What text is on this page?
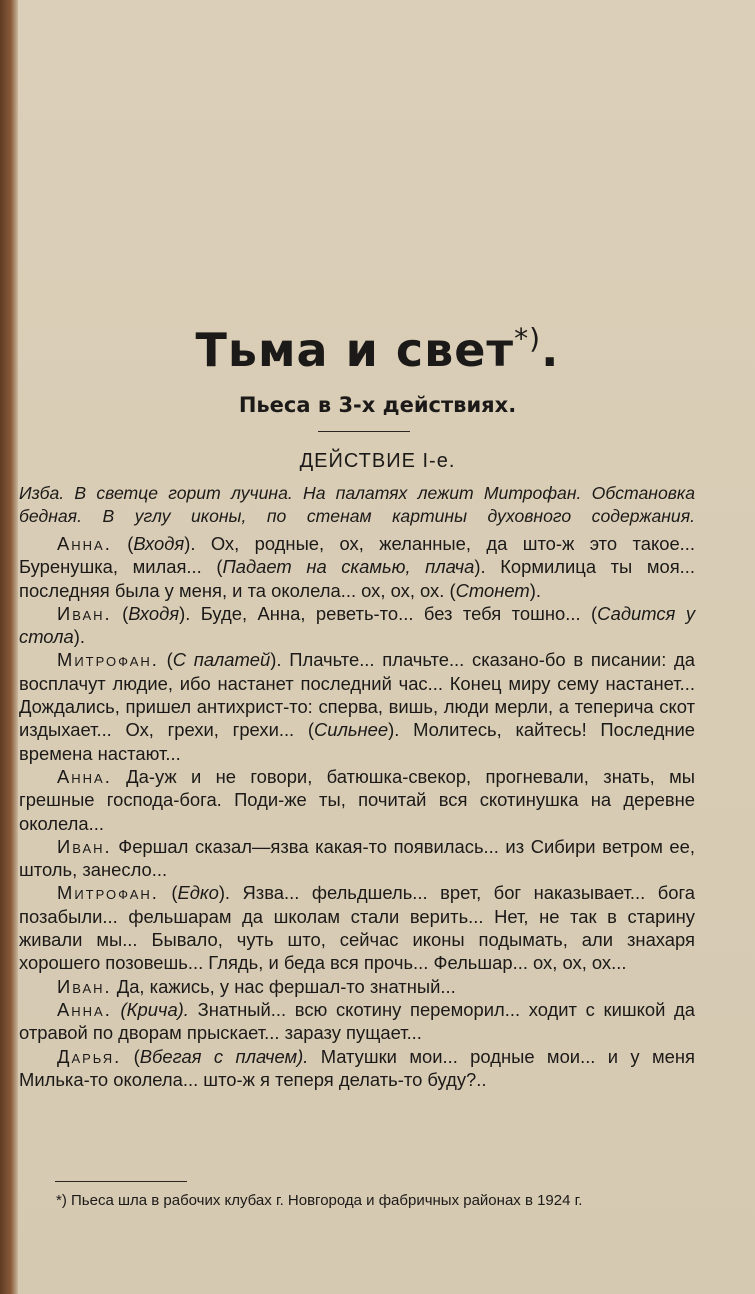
Тьма и свет*).
Пьеса в 3-х действиях.
ДЕЙСТВИЕ I-е.
Изба. В светце горит лучина. На палатях лежит Митрофан. Обстановка бедная. В углу иконы, по стенам картины духовного содержания.

Анна. (Входя). Ох, родные, ох, желанные, да што-ж это такое... Буренушка, милая... (Падает на скамью, плача). Кормилица ты моя... последняя была у меня, и та околела... ох, ох, ох. (Стонет).

Иван. (Входя). Буде, Анна, реветь-то... без тебя тошно... (Садится у стола).

Митрофан. (С палатей). Плачьте... плачьте... сказано-бо в писании: да восплачут людие, ибо настанет последний час... Конец миру сему настанет... Дождались, пришел антихрист-то: сперва, вишь, люди мерли, а теперича скот издыхает... Ох, грехи, грехи... (Сильнее). Молитесь, кайтесь! Последние времена настают...

Анна. Да-уж и не говори, батюшка-свекор, прогневали, знать, мы грешные господа-бога. Поди-же ты, почитай вся скотинушка на деревне околела...

Иван. Фершал сказал—язва какая-то появилась... из Сибири ветром ее, штоль, занесло...

Митрофан. (Едко). Язва... фельдшель... врет, бог наказывает... бога позабыли... фельшарам да школам стали верить... Нет, не так в старину живали мы... Бывало, чуть што, сейчас иконы подымать, али знахаря хорошего позовешь... Глядь, и беда вся прочь... Фельшар... ох, ох, ох...

Иван. Да, кажись, у нас фершал-то знатный...

Анна. (Крича). Знатный... всю скотину переморил... ходит с кишкой да отравой по дворам прыскает... заразу пущает...

Дарья. (Вбегая с плачем). Матушки мои... родные мои... и у меня Милька-то околела... што-ж я теперя делать-то буду?..

*) Пьеса шла в рабочих клубах г. Новгорода и фабричных районах в 1924 г.
